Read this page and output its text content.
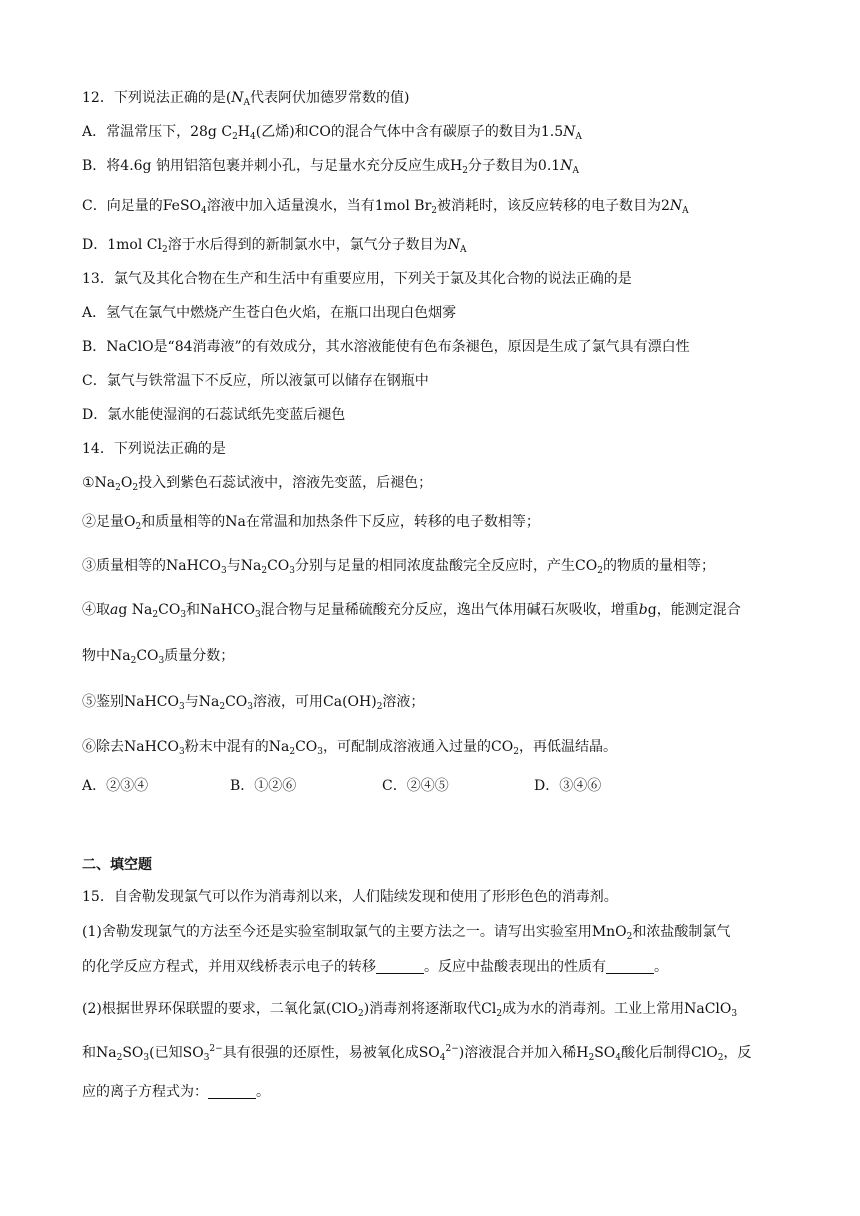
12．下列说法正确的是($N_A$代表阿伏加德罗常数的值)
A．常温常压下，28g $C_2H_4$(乙烯)和CO的混合气体中含有碳原子的数目为$1.5N_A$
B．将4.6g 钠用铝箔包裹并刺小孔，与足量水充分反应生成$H_2$分子数目为$0.1N_A$
C．向足量的FeSO$_4$溶液中加入适量溴水，当有1mol $Br_2$被消耗时，该反应转移的电子数目为$2N_A$
D．1mol $Cl_2$溶于水后得到的新制氯水中，氯气分子数目为$N_A$
13．氯气及其化合物在生产和生活中有重要应用，下列关于氯及其化合物的说法正确的是
A．氢气在氯气中燃烧产生苍白色火焰，在瓶口出现白色烟雾
B．NaClO是“84消毒液”的有效成分，其水溶液能使有色布条褪色，原因是生成了氯气具有漂白性
C．氯气与铁常温下不反应，所以液氯可以储存在钢瓶中
D．氯水能使湿润的石蕊试纸先变蓝后褪色
14．下列说法正确的是
$①Na_2O_2$投入到紫色石蕊试液中，溶液先变蓝，后褪色；
②足量$O_2$和质量相等的Na在常温和加热条件下反应，转移的电子数相等；
③质量相等的NaHCO$_3$与$Na_2CO_3$分别与足量的相同浓度盐酸完全反应时，产生$CO_2$的物质的量相等；
④取ag $Na_2CO_3$和NaHCO$_3$混合物与足量稀硫酸充分反应，逸出气体用碱石灰吸收，增重bg，能测定混合
物中$Na_2CO_3$质量分数；
⑤鉴别NaHCO$_3$与$Na_2CO_3$溶液，可用$Ca(OH)_2$溶液；
⑥除去NaHCO$_3$粉末中混有的$Na_2CO_3$，可配制成溶液通入过量的$CO_2$，再低温结晶。
A．②③④	B．①②⑥	C．②④⑤	D．③④⑥
二、填空题
15．自舍勒发现氯气可以作为消毒剂以来，人们陆续发现和使用了形形色色的消毒剂。
(1)舍勒发现氯气的方法至今还是实验室制取氯气的主要方法之一。请写出实验室用MnO$_2$和浓盐酸制氯气
的化学反应方程式，并用双线桥表示电子的转移	。反应中盐酸表现出的性质有	。
(2)根据世界环保联盟的要求，二氧化氯(ClO$_2$)消毒剂将逐渐取代$Cl_2$成为水的消毒剂。工业上常用NaClO$_3$
和$Na_2SO_3$(已知$SO_3^{2-}$具有很强的还原性，易被氧化成$SO_4^{2-}$)溶液混合并加入稀$H_2SO_4$酸化后制得ClO$_2$，反
应的离子方程式为：	。
